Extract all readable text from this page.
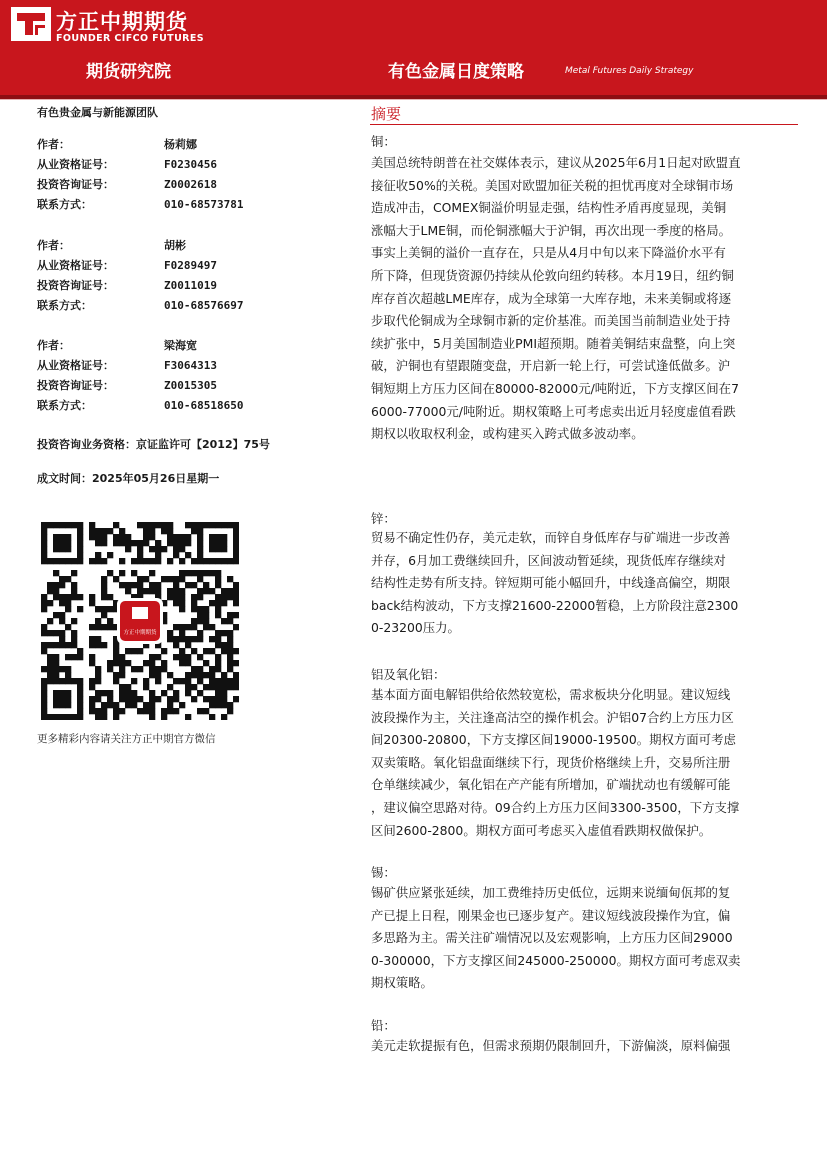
方正中期期货
FOUNDER CIFCO FUTURES
期货研究院	有色金属日度策略	Metal Futures Daily Strategy
有色贵金属与新能源团队
作者：	杨莉娜
从业资格证号：	F0230456
投资咨询证号：	Z0002618
联系方式：	010-68573781
作者：	胡彬
从业资格证号：	F0289497
投资咨询证号：	Z0011019
联系方式：	010-68576697
作者：	梁海宽
从业资格证号：	F3064313
投资咨询证号：	Z0015305
联系方式：	010-68518650
投资咨询业务资格：京证监许可【2012】75号
成文时间：2025年05月26日星期一
方正中期期货
更多精彩内容请关注方正中期官方微信
摘要
铜：
美国总统特朗普在社交媒体表示，建议从2025年6月1日起对欧盟直
接征收50%的关税。美国对欧盟加征关税的担忧再度对全球铜市场
造成冲击，COMEX铜溢价明显走强，结构性矛盾再度显现，美铜
涨幅大于LME铜，而伦铜涨幅大于沪铜，再次出现一季度的格局。
事实上美铜的溢价一直存在，只是从4月中旬以来下降溢价水平有
所下降，但现货资源仍持续从伦敦向纽约转移。本月19日，纽约铜
库存首次超越LME库存，成为全球第一大库存地，未来美铜或将逐
步取代伦铜成为全球铜市新的定价基准。而美国当前制造业处于持
续扩张中，5月美国制造业PMI超预期。随着美铜结束盘整，向上突
破，沪铜也有望跟随变盘，开启新一轮上行，可尝试逢低做多。沪
铜短期上方压力区间在80000-82000元/吨附近，下方支撑区间在7
6000-77000元/吨附近。期权策略上可考虑卖出近月轻度虚值看跌
期权以收取权利金，或构建买入跨式做多波动率。
锌：
贸易不确定性仍存，美元走软，而锌自身低库存与矿端进一步改善
并存，6月加工费继续回升，区间波动暂延续，现货低库存继续对
结构性走势有所支持。锌短期可能小幅回升，中线逢高偏空，期限
back结构波动，下方支撑21600-22000暂稳，上方阶段注意2300
0-23200压力。
铝及氧化铝：
基本面方面电解铝供给依然较宽松，需求板块分化明显。建议短线
波段操作为主，关注逢高沽空的操作机会。沪铝07合约上方压力区
间20300-20800，下方支撑区间19000-19500。期权方面可考虑
双卖策略。氧化铝盘面继续下行，现货价格继续上升，交易所注册
仓单继续减少，氧化铝在产产能有所增加，矿端扰动也有缓解可能
，建议偏空思路对待。09合约上方压力区间3300-3500，下方支撑
区间2600-2800。期权方面可考虑买入虚值看跌期权做保护。
锡：
锡矿供应紧张延续，加工费维持历史低位，远期来说缅甸佤邦的复
产已提上日程，刚果金也已逐步复产。建议短线波段操作为宜，偏
多思路为主。需关注矿端情况以及宏观影响，上方压力区间29000
0-300000，下方支撑区间245000-250000。期权方面可考虑双卖
期权策略。
铅：
美元走软提振有色，但需求预期仍限制回升，下游偏淡，原料偏强
